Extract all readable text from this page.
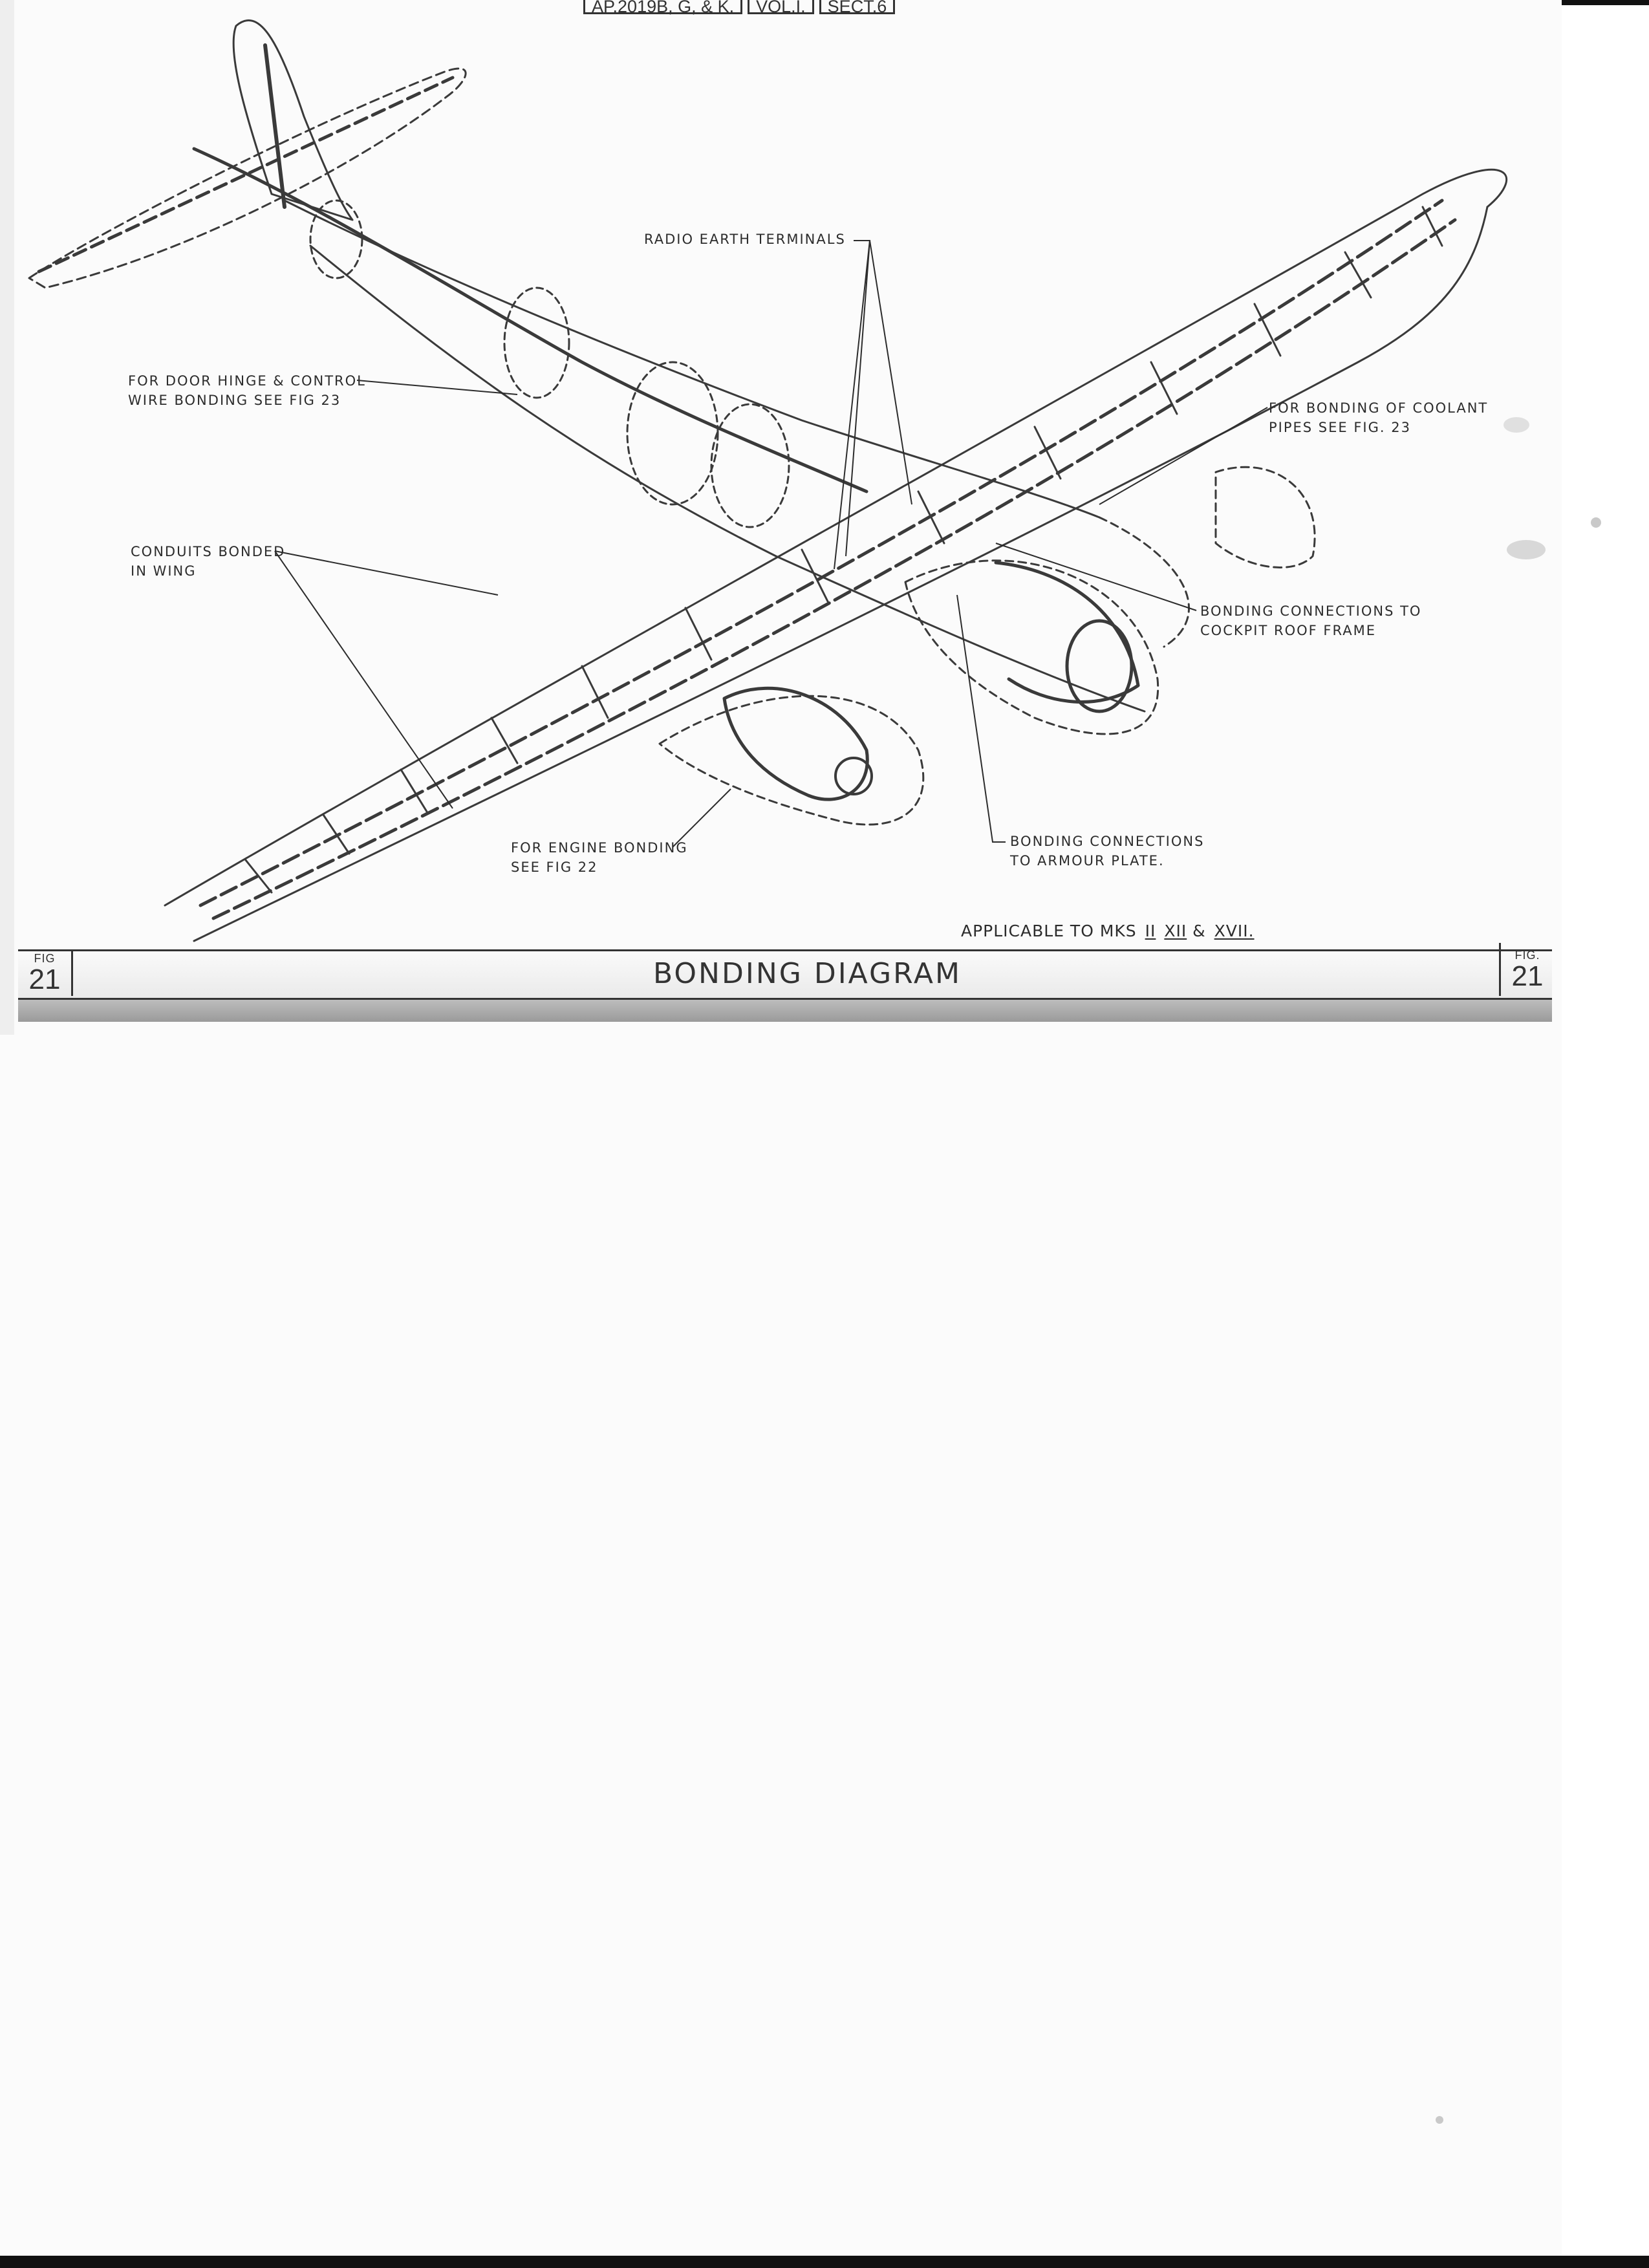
AP.2019B, G, & K.	VOL.I.	SECT.6
RADIO EARTH TERMINALS
FOR DOOR HINGE & CONTROL
WIRE BONDING SEE FIG 23	FOR BONDING OF COOLANT
PIPES SEE FIG. 23
CONDUITS BONDED
IN WING
BONDING CONNECTIONS TO
COCKPIT ROOF FRAME
FOR ENGINE BONDING
SEE FIG 22
BONDING CONNECTIONS
TO ARMOUR PLATE.
APPLICABLE TO MKS II XII & XVII.
FIG
21	BONDING DIAGRAM
FIG.
21
